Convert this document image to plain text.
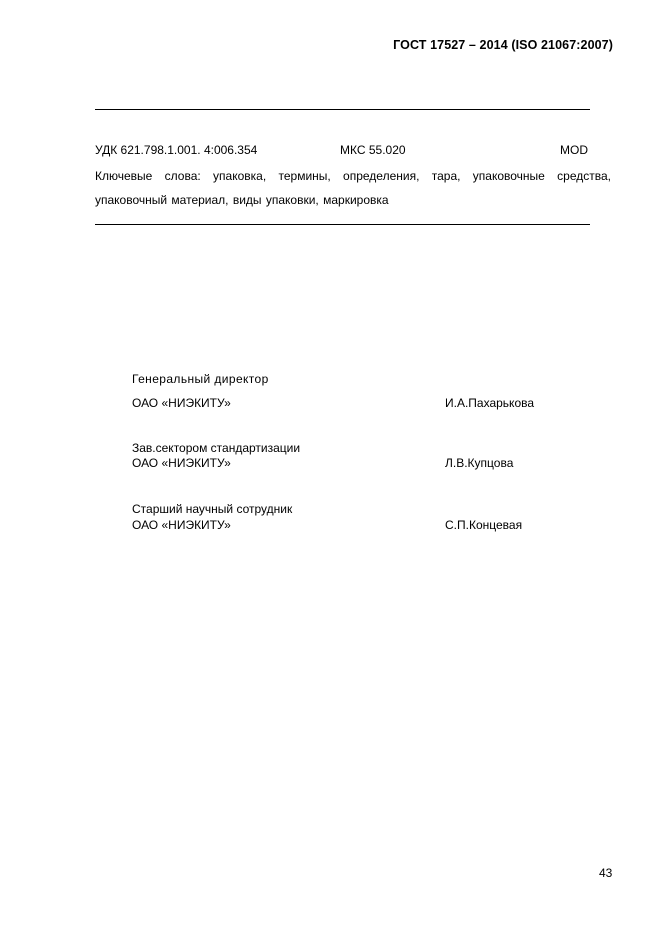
ГОСТ 17527 – 2014 (ISO 21067:2007)
УДК 621.798.1.001. 4:006.354	МКС 55.020	MOD
Ключевые слова: упаковка, термины, определения, тара, упаковочные средства, упаковочный материал, виды упаковки, маркировка
Генеральный директор
ОАО «НИЭКИТУ»	И.А.Пахарькова
Зав.сектором стандартизации
ОАО «НИЭКИТУ»	Л.В.Купцова
Старший научный сотрудник
ОАО «НИЭКИТУ»	С.П.Концевая
43
